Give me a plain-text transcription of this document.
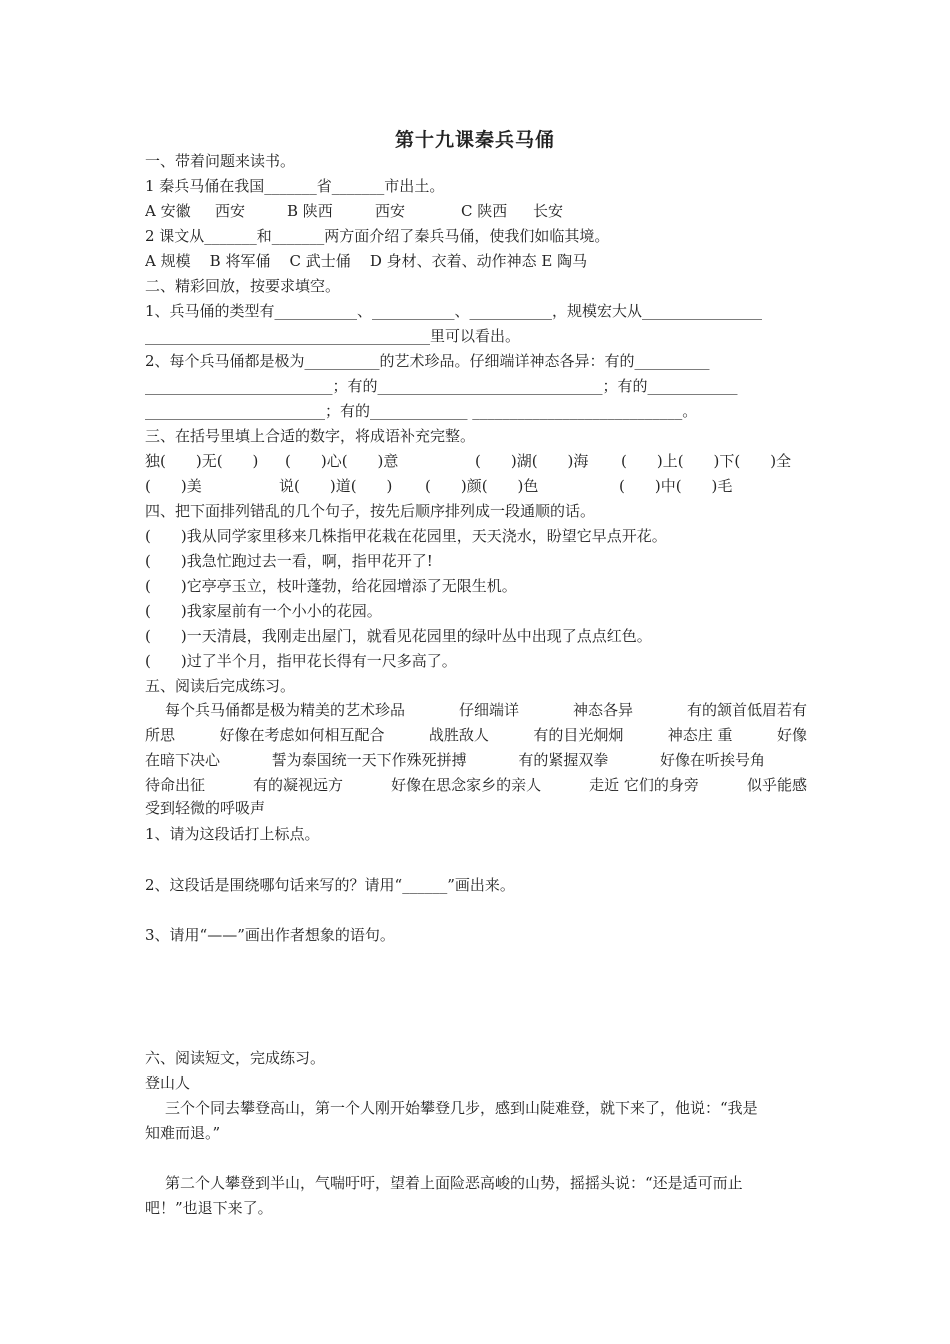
第十九课秦兵马俑
一、带着问题来读书。
1 秦兵马俑在我国_______省_______市出土。
A 安徽 西安	B 陕西	西安	C 陕西 长安
2 课文从_______和_______两方面介绍了秦兵马俑，使我们如临其境。
A 规模    B 将军俑    C 武士俑    D 身材、衣着、动作神态 E 陶马
二、精彩回放，按要求填空。
1、兵马俑的类型有___________、___________、___________，规模宏大从________________
______________________________________里可以看出。
2、每个兵马俑都是极为__________的艺术珍品。仔细端详神态各异：有的__________
_________________________；有的______________________________；有的____________
________________________；有的_____________ ____________________________。
三、在括号里填上合适的数字，将成语补充完整。
独(　　)无(　　) (　　)心(　　)意	(　　)湖(　　)海 (　　)上(　　)下(　　)全
(　　)美	说(　　)道(　　) (　　)颜(　　)色	(　　)中(　　)毛
四、把下面排列错乱的几个句子，按先后顺序排列成一段通顺的话。
(　　)我从同学家里移来几株指甲花栽在花园里，天天浇水，盼望它早点开花。
(　　)我急忙跑过去一看，啊，指甲花开了!
(　　)它亭亭玉立，枝叶蓬勃，给花园增添了无限生机。
(　　)我家屋前有一个小小的花园。
(　　)一天清晨，我刚走出屋门，就看见花园里的绿叶丛中出现了点点红色。
(　　)过了半个月，指甲花长得有一尺多高了。
五、阅读后完成练习。
每个兵马俑都是极为精美的艺术珍品	仔细端详	神态各异	有的颔首低眉若有
所思	好像在考虑如何相互配合	战胜敌人	有的目光炯炯	神态庄 重	好像
在暗下决心	誓为泰国统一天下作殊死拼搏	有的紧握双拳	好像在听挨号角
待命出征	有的凝视远方	好像在思念家乡的亲人	走近 它们的身旁	似乎能感
受到轻微的呼吸声
1、请为这段话打上标点。
2、这段话是围绕哪句话来写的？请用“______”画出来。
3、请用“——”画出作者想象的语句。
六、阅读短文，完成练习。
登山人
三个个同去攀登高山，第一个人刚开始攀登几步，感到山陡难登，就下来了，他说：“我是
知难而退。”
第二个人攀登到半山，气喘吁吁，望着上面险恶高峻的山势，摇摇头说：“还是适可而止
吧！”也退下来了。
